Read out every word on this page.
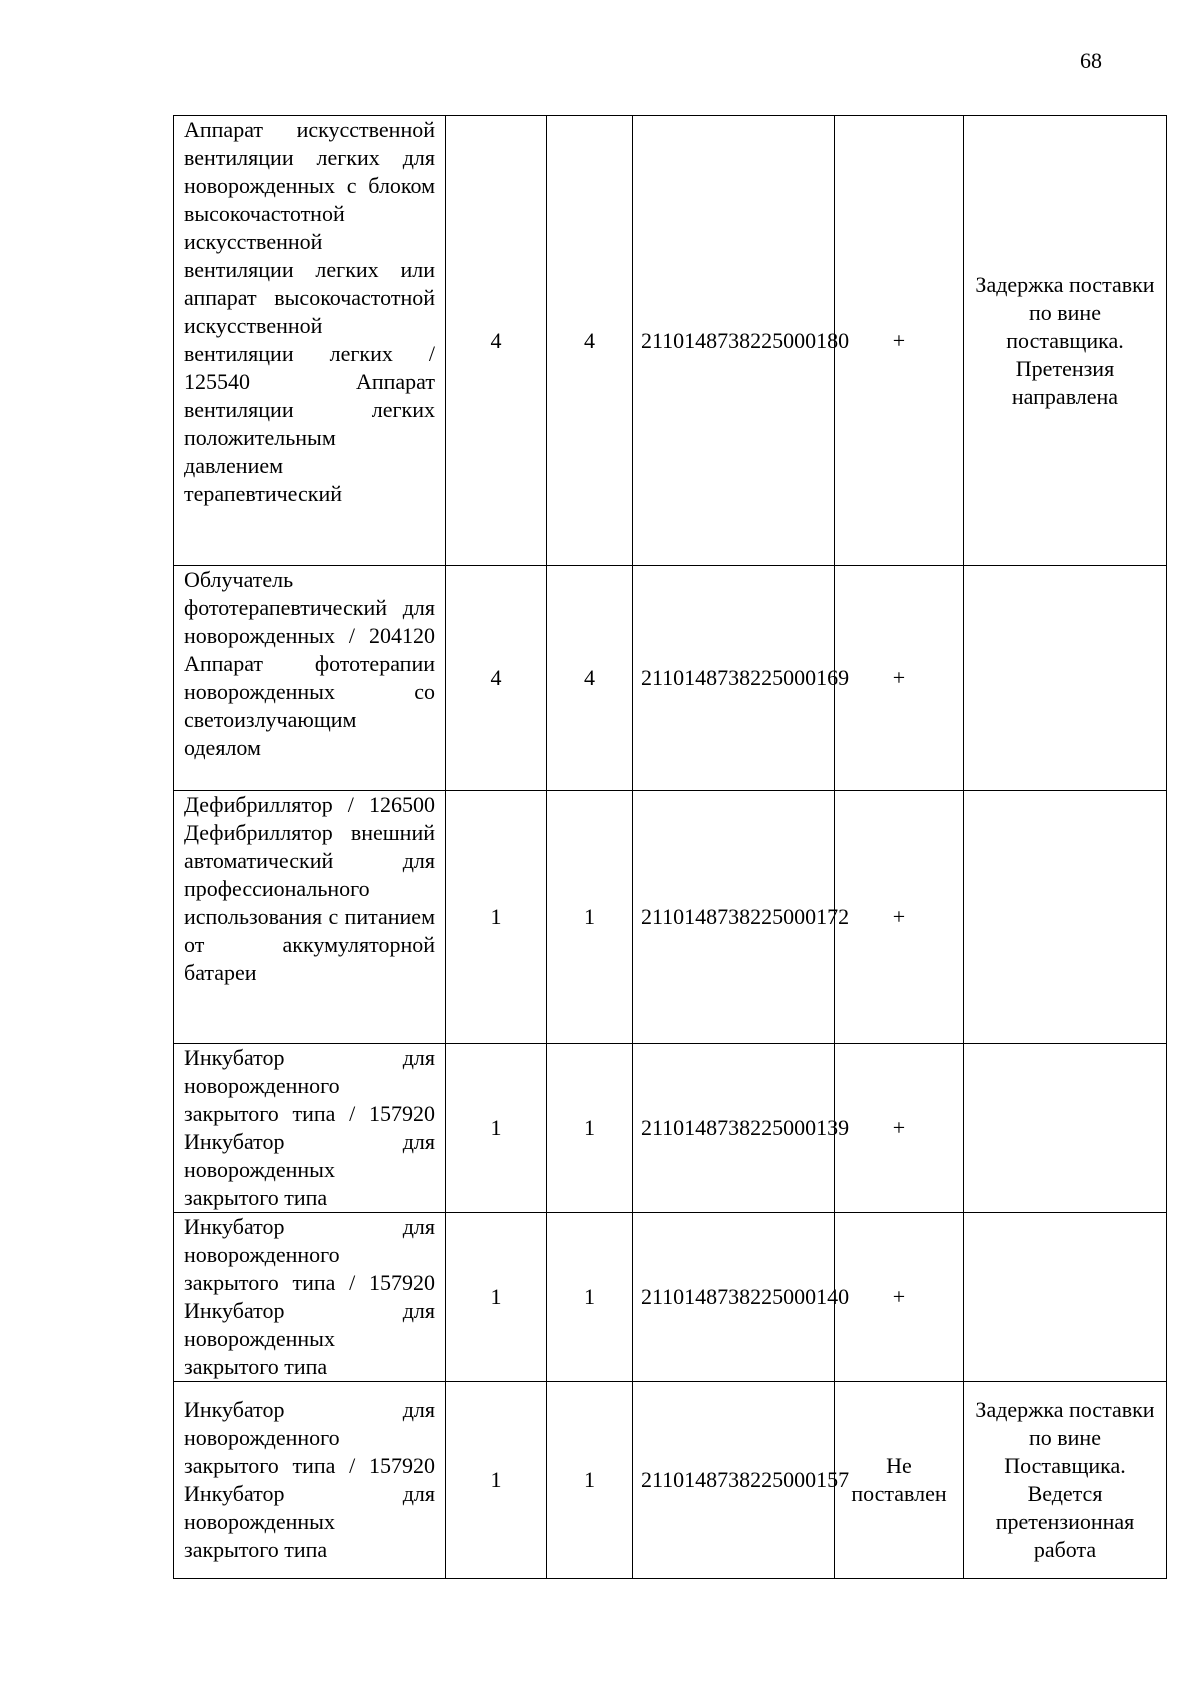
68
Аппарат искусственной вентиляции легких для новорожденных с блоком высокочастотной искусственной вентиляции легких или аппарат высокочастотной искусственной вентиляции легких / 125540 Аппарат вентиляции легких положительным давлением терапевтический	4	4	2110148738225000180	+	Задержка поставки по вине поставщика. Претензия направлена

Облучатель фототерапевтический для новорожденных / 204120 Аппарат фототерапии новорожденных со светоизлучающим одеялом	4	4	2110148738225000169	+	

Дефибриллятор / 126500 Дефибриллятор внешний автоматический для профессионального использования с питанием от аккумуляторной батареи	1	1	2110148738225000172	+	

Инкубатор для новорожденного закрытого типа / 157920 Инкубатор для новорожденных закрытого типа	1	1	2110148738225000139	+	

Инкубатор для новорожденного закрытого типа / 157920 Инкубатор для новорожденных закрытого типа	1	1	2110148738225000140	+	

Инкубатор для новорожденного закрытого типа / 157920 Инкубатор для новорожденных закрытого типа	1	1	2110148738225000157	Не поставлен	Задержка поставки по вине Поставщика. Ведется претензионная работа
